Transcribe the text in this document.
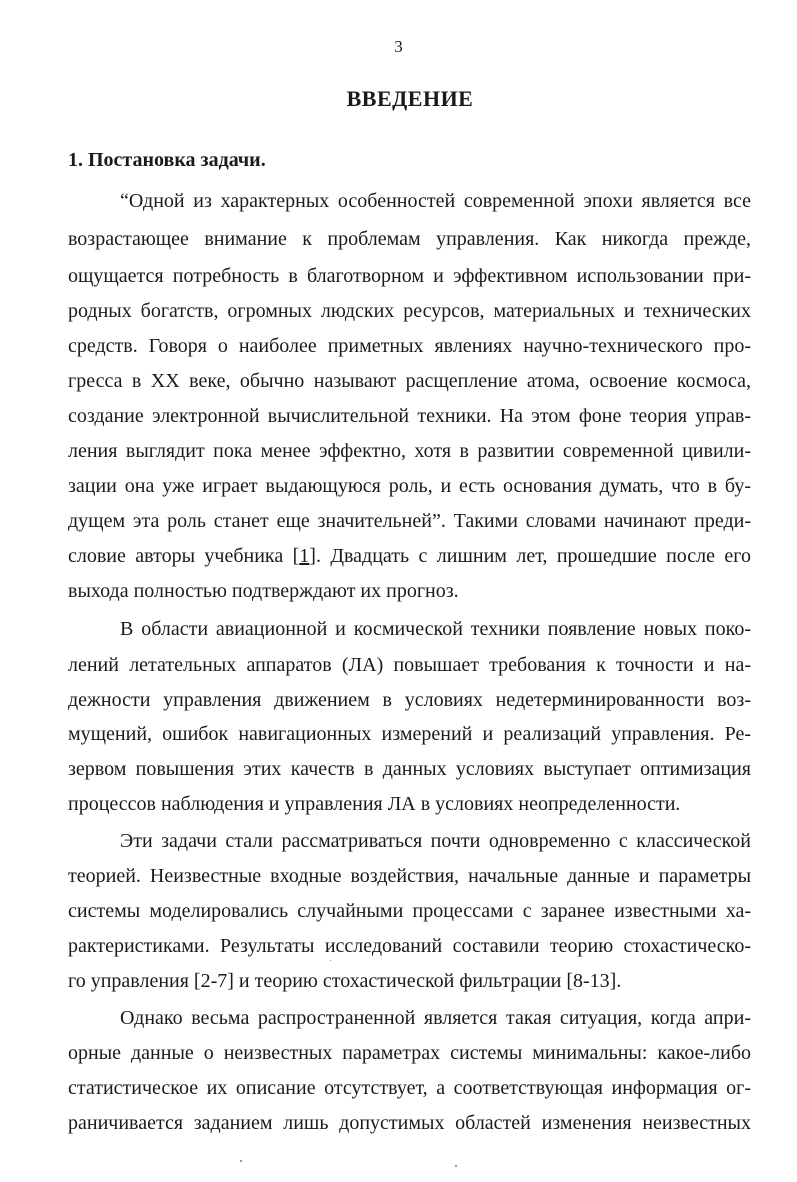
3
ВВЕДЕНИЕ
1. Постановка задачи.
“Одной из характерных особенностей современной эпохи является все
возрастающее внимание к проблемам управления. Как никогда прежде,
ощущается потребность в благотворном и эффективном использовании при-
родных богатств, огромных людских ресурсов, материальных и технических
средств. Говоря о наиболее приметных явлениях научно-технического про-
гресса в XX веке, обычно называют расщепление атома, освоение космоса,
создание электронной вычислительной техники. На этом фоне теория управ-
ления выглядит пока менее эффектно, хотя в развитии современной цивили-
зации она уже играет выдающуюся роль, и есть основания думать, что в бу-
дущем эта роль станет еще значительней”. Такими словами начинают преди-
словие авторы учебника [1]. Двадцать с лишним лет, прошедшие после его
выхода полностью подтверждают их прогноз.
В области авиационной и космической техники появление новых поко-
лений летательных аппаратов (ЛА) повышает требования к точности и на-
дежности управления движением в условиях недетерминированности воз-
мущений, ошибок навигационных измерений и реализаций управления. Ре-
зервом повышения этих качеств в данных условиях выступает оптимизация
процессов наблюдения и управления ЛА в условиях неопределенности.
Эти задачи стали рассматриваться почти одновременно с классической
теорией. Неизвестные входные воздействия, начальные данные и параметры
системы моделировались случайными процессами с заранее известными ха-
рактеристиками. Результаты исследований составили теорию стохастическо-
го управления [2-7] и теорию стохастической фильтрации [8-13].
Однако весьма распространенной является такая ситуация, когда апри-
орные данные о неизвестных параметрах системы минимальны: какое-либо
статистическое их описание отсутствует, а соответствующая информация ог-
раничивается заданием лишь допустимых областей изменения неизвестных
